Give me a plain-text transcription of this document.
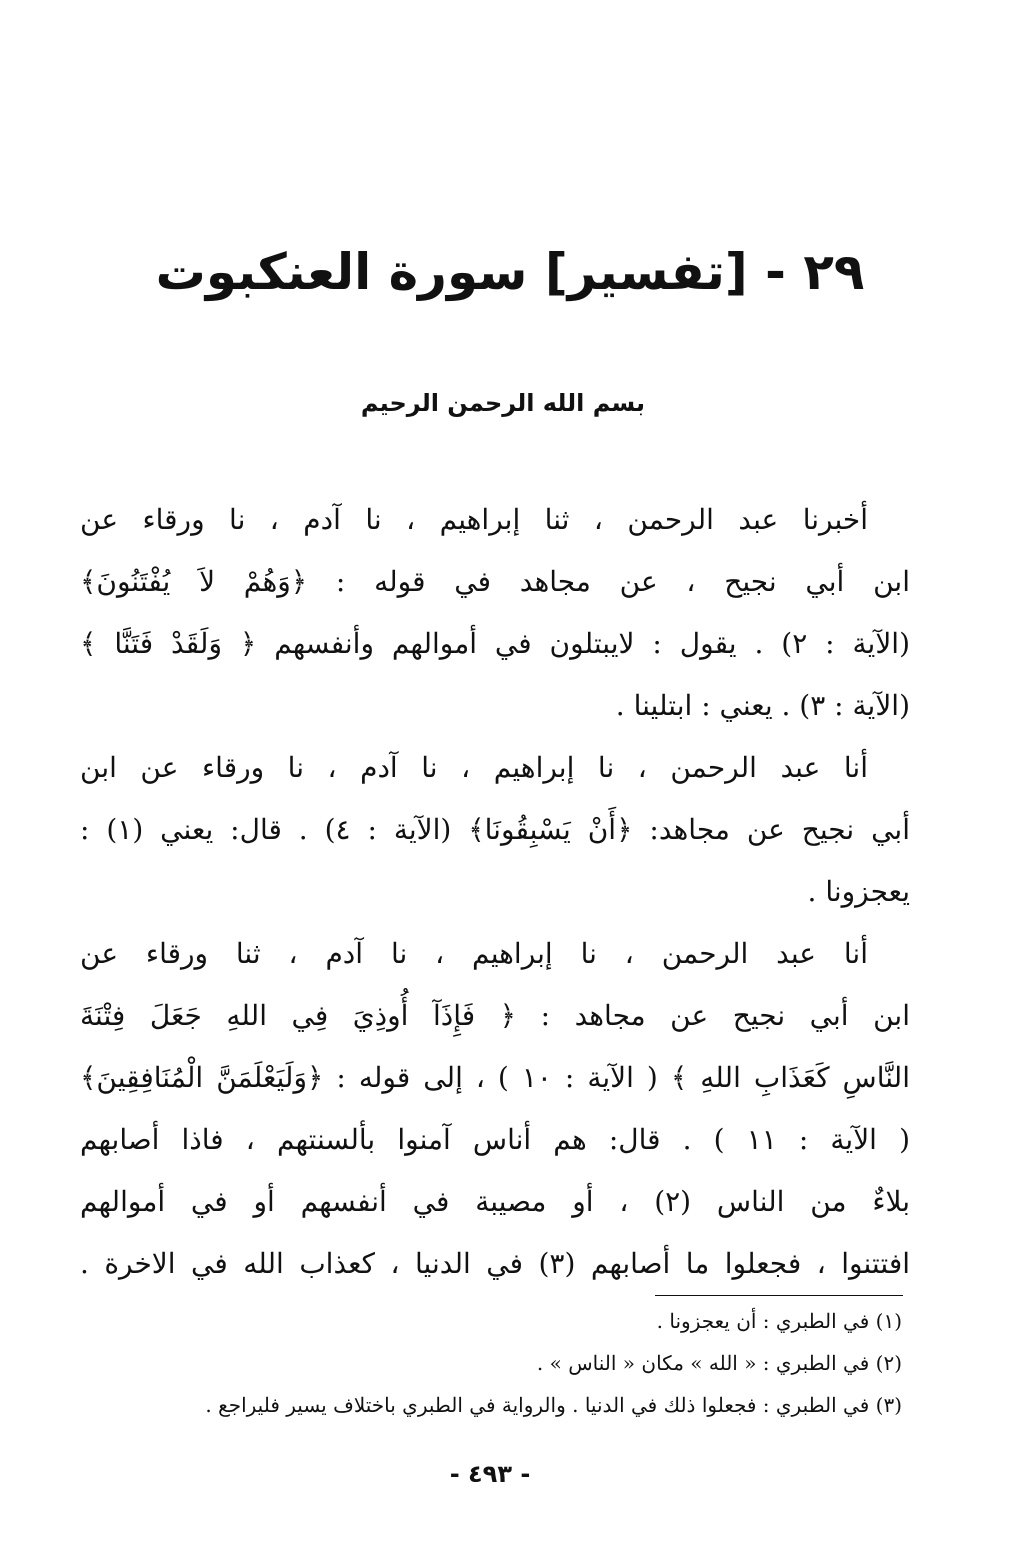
٢٩ - [تفسير] سورة العنكبوت
بسم الله الرحمن الرحيم
أخبرنا عبد الرحمن ، ثنا إبراهيم ، نا آدم ، نا ورقاء عن
ابن أبي نجيح ، عن مجاهد في قوله : ﴿وَهُمْ لاَ يُفْتَنُونَ﴾
(الآية : ٢) . يقول : لايبتلون في أموالهم وأنفسهم ﴿ وَلَقَدْ فَتَنَّا ﴾
(الآية : ٣) . يعني : ابتلينا .
أنا عبد الرحمن ، نا إبراهيم ، نا آدم ، نا ورقاء عن ابن
أبي نجيح عن مجاهد: ﴿أَنْ يَسْبِقُونَا﴾ (الآية : ٤) . قال: يعني (١) :
يعجزونا .
أنا عبد الرحمن ، نا إبراهيم ، نا آدم ، ثنا ورقاء عن
ابن أبي نجيح عن مجاهد : ﴿ فَإِذَآ أُوذِيَ فِي اللهِ جَعَلَ فِتْنَةَ
النَّاسِ كَعَذَابِ اللهِ ﴾ ( الآية : ١٠ ) ، إلى قوله : ﴿وَلَيَعْلَمَنَّ الْمُنَافِقِينَ﴾
( الآية : ١١ ) . قال: هم أناس آمنوا بألسنتهم ، فاذا أصابهم
بلاءٌ من الناس (٢) ، أو مصيبة في أنفسهم أو في أموالهم
افتتنوا ، فجعلوا ما أصابهم (٣) في الدنيا ، كعذاب الله في الاخرة .
(١) في الطبري : أن يعجزونا .
(٢) في الطبري : « الله » مكان « الناس » .
(٣) في الطبري : فجعلوا ذلك في الدنيا . والرواية في الطبري باختلاف يسير فليراجع .
- ٤٩٣ -
